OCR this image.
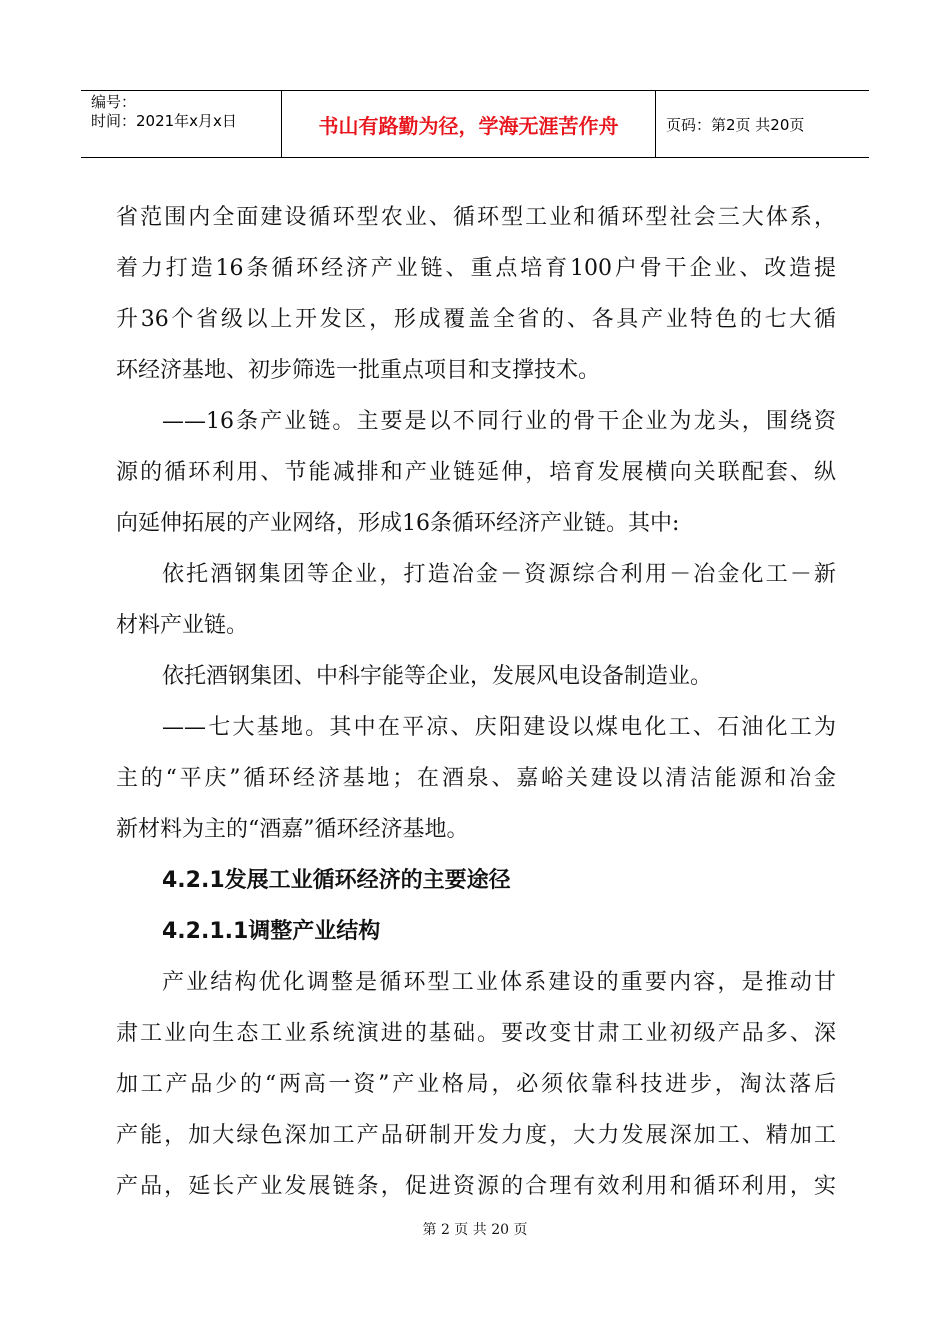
编号：
时间：2021年x月x日	书山有路勤为径，学海无涯苦作舟	页码：第2页 共20页
省范围内全面建设循环型农业、循环型工业和循环型社会三大体系，
着力打造16条循环经济产业链、重点培育100户骨干企业、改造提
升36个省级以上开发区，形成覆盖全省的、各具产业特色的七大循
环经济基地、初步筛选一批重点项目和支撑技术。
——16条产业链。主要是以不同行业的骨干企业为龙头，围绕资
源的循环利用、节能减排和产业链延伸，培育发展横向关联配套、纵
向延伸拓展的产业网络，形成16条循环经济产业链。其中:
依托酒钢集团等企业，打造冶金－资源综合利用－冶金化工－新
材料产业链。
依托酒钢集团、中科宇能等企业，发展风电设备制造业。
——七大基地。其中在平凉、庆阳建设以煤电化工、石油化工为
主的“平庆”循环经济基地；在酒泉、嘉峪关建设以清洁能源和冶金
新材料为主的“酒嘉”循环经济基地。
4.2.1发展工业循环经济的主要途径
4.2.1.1调整产业结构
产业结构优化调整是循环型工业体系建设的重要内容，是推动甘
肃工业向生态工业系统演进的基础。要改变甘肃工业初级产品多、深
加工产品少的“两高一资”产业格局，必须依靠科技进步，淘汰落后
产能，加大绿色深加工产品研制开发力度，大力发展深加工、精加工
产品，延长产业发展链条，促进资源的合理有效利用和循环利用，实
第 2 页 共 20 页
